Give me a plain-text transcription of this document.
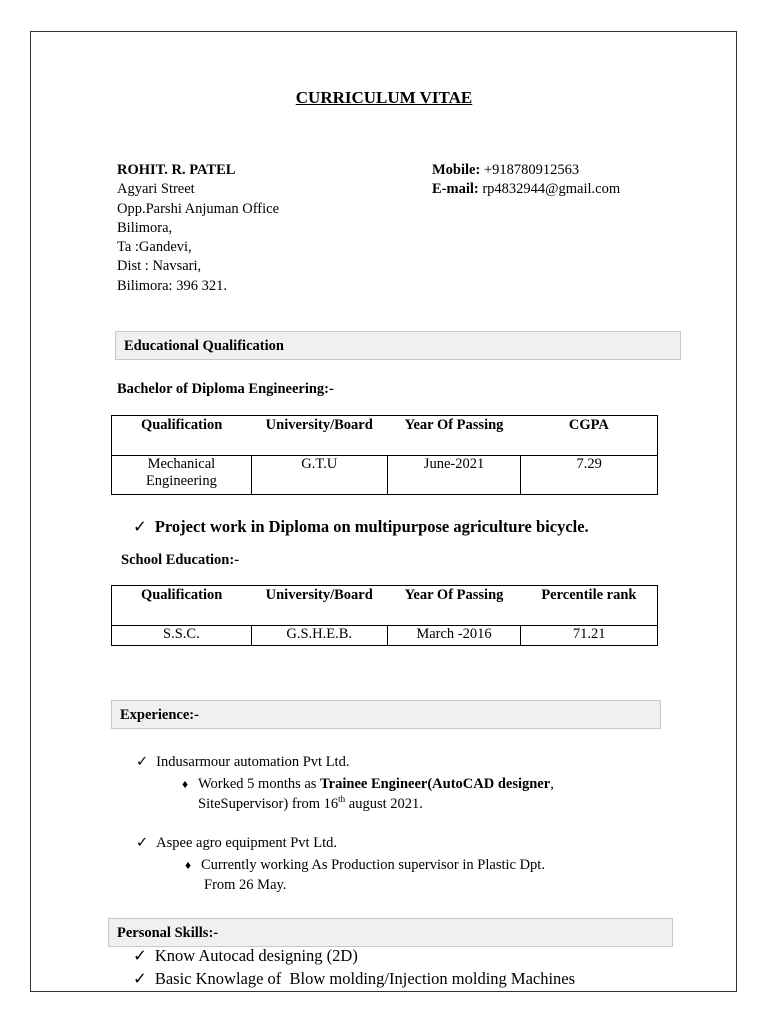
CURRICULUM VITAE
ROHIT. R. PATEL
Agyari Street
Opp.Parshi Anjuman Office
Bilimora,
Ta :Gandevi,
Dist : Navsari,
Bilimora: 396 321.
Mobile: +918780912563
E-mail: rp4832944@gmail.com
Educational Qualification
Bachelor of Diploma Engineering:-
Qualification	University/Board	Year Of Passing	CGPA
Mechanical Engineering	G.T.U	June-2021	7.29
✓ Project work in Diploma on multipurpose agriculture bicycle.
School Education:-
Qualification	University/Board	Year Of Passing	Percentile rank
S.S.C.	G.S.H.E.B.	March -2016	71.21
Experience:-
✓ Indusarmour automation Pvt Ltd.
♦ Worked 5 months as Trainee Engineer(AutoCAD designer,
SiteSupervisor) from 16th august 2021.
✓ Aspee agro equipment Pvt Ltd.
♦ Currently working As Production supervisor in Plastic Dpt.
From 26 May.
Personal Skills:-
✓ Know Autocad designing (2D)
✓ Basic Knowlage of  Blow molding/Injection molding Machines
